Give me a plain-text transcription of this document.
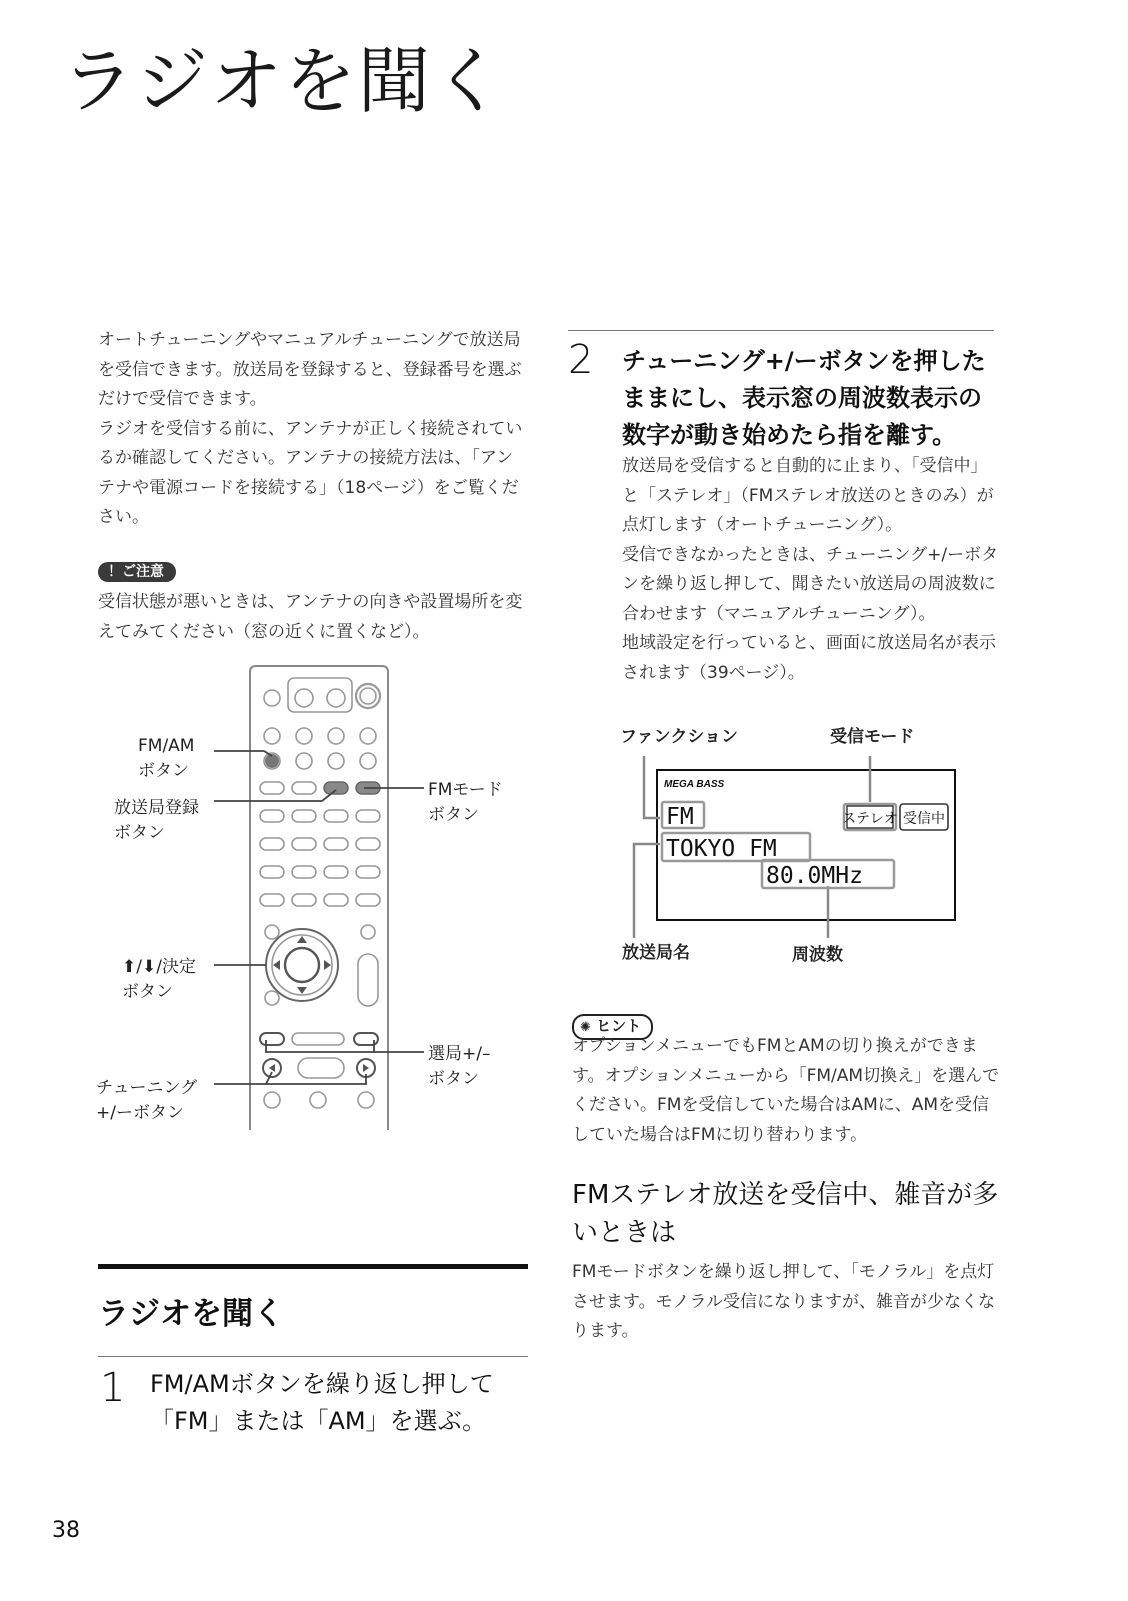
ラジオを聞く
オートチューニングやマニュアルチューニングで放送局を受信できます。放送局を登録すると、登録番号を選ぶだけで受信できます。
ラジオを受信する前に、アンテナが正しく接続されているか確認してください。アンテナの接続方法は、「アンテナや電源コードを接続する」（18ページ）をご覧ください。
！ご注意
受信状態が悪いときは、アンテナの向きや設置場所を変えてみてください（窓の近くに置くなど）。
FM/AM
ボタン
放送局登録
ボタン
FMモード
ボタン
⬆/⬇/決定
ボタン
選局+/–
ボタン
チューニング
+/ーボタン
ラジオを聞く
1 FM/AMボタンを繰り返し押して
「FM」または「AM」を選ぶ。
2 チューニング+/ーボタンを押したままにし、表示窓の周波数表示の数字が動き始めたら指を離す。
放送局を受信すると自動的に止まり、「受信中」と「ステレオ」（FMステレオ放送のときのみ）が点灯します（オートチューニング）。
受信できなかったときは、チューニング+/ーボタンを繰り返し押して、聞きたい放送局の周波数に合わせます（マニュアルチューニング）。
地域設定を行っていると、画面に放送局名が表示されます（39ページ）。
ファンクション	受信モード
MEGA BASS
FM	ステレオ 受信中
TOKYO FM
80.0MHz
放送局名	周波数
✺ ヒント
オプションメニューでもFMとAMの切り換えができます。オプションメニューから「FM/AM切換え」を選んでください。FMを受信していた場合はAMに、AMを受信していた場合はFMに切り替わります。
FMステレオ放送を受信中、雑音が多いときは
FMモードボタンを繰り返し押して、「モノラル」を点灯させます。モノラル受信になりますが、雑音が少なくなります。
38
